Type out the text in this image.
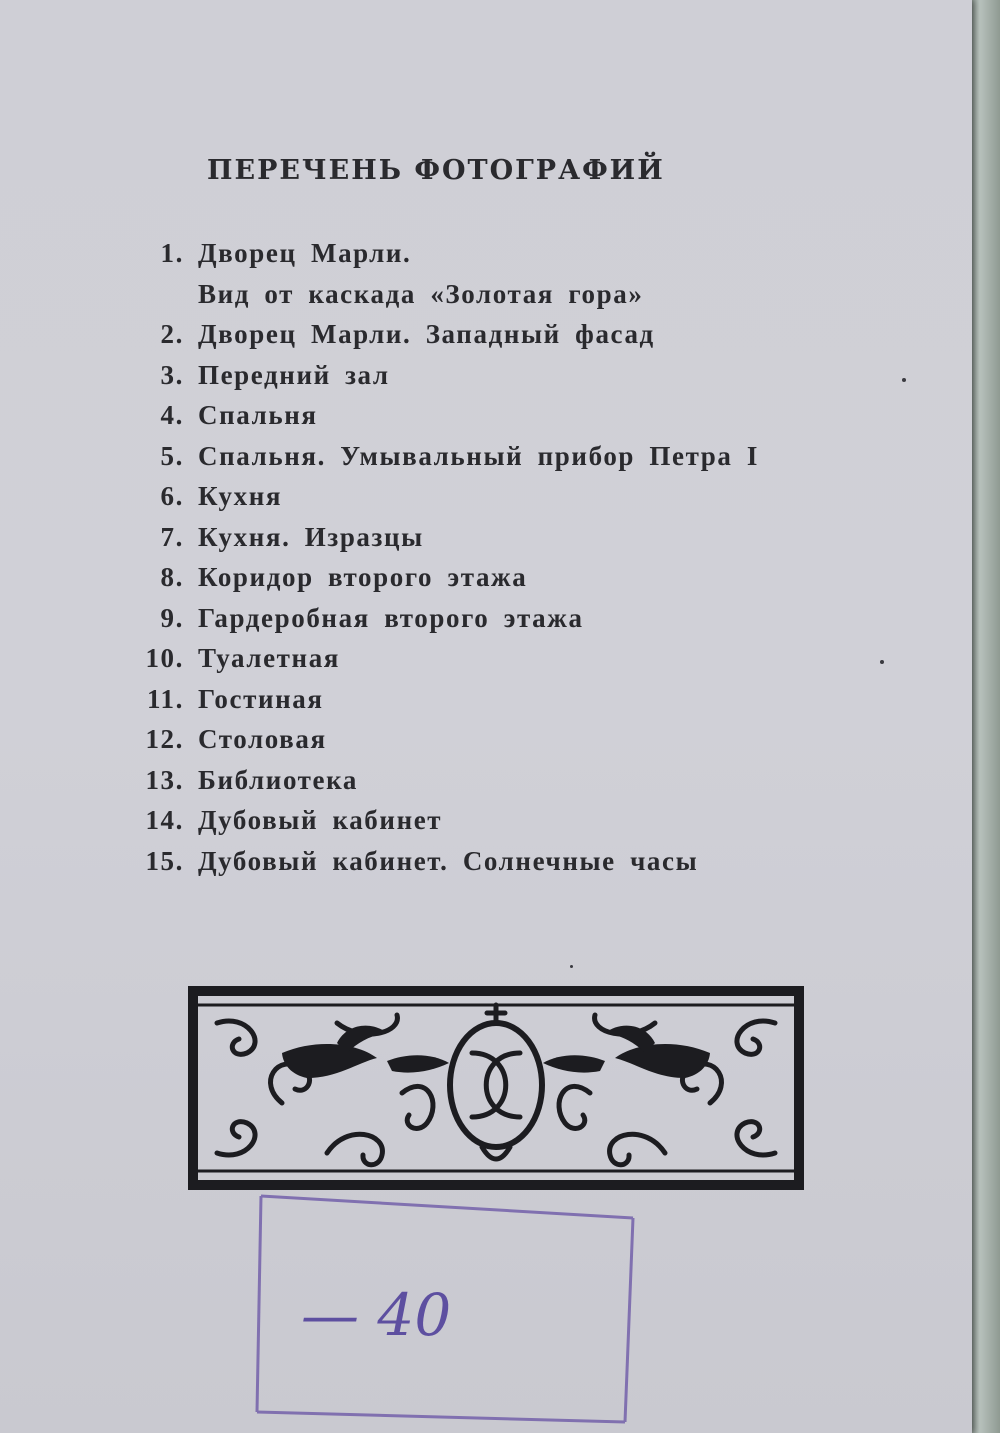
ПЕРЕЧЕНЬ ФОТОГРАФИЙ
1. Дворец Марли.
Вид от каскада «Золотая гора»
2. Дворец Марли. Западный фасад
3. Передний зал
4. Спальня
5. Спальня. Умывальный прибор Петра I
6. Кухня
7. Кухня. Изразцы
8. Коридор второго этажа
9. Гардеробная второго этажа
10. Туалетная
11. Гостиная
12. Столовая
13. Библиотека
14. Дубовый кабинет
15. Дубовый кабинет. Солнечные часы
— 40
